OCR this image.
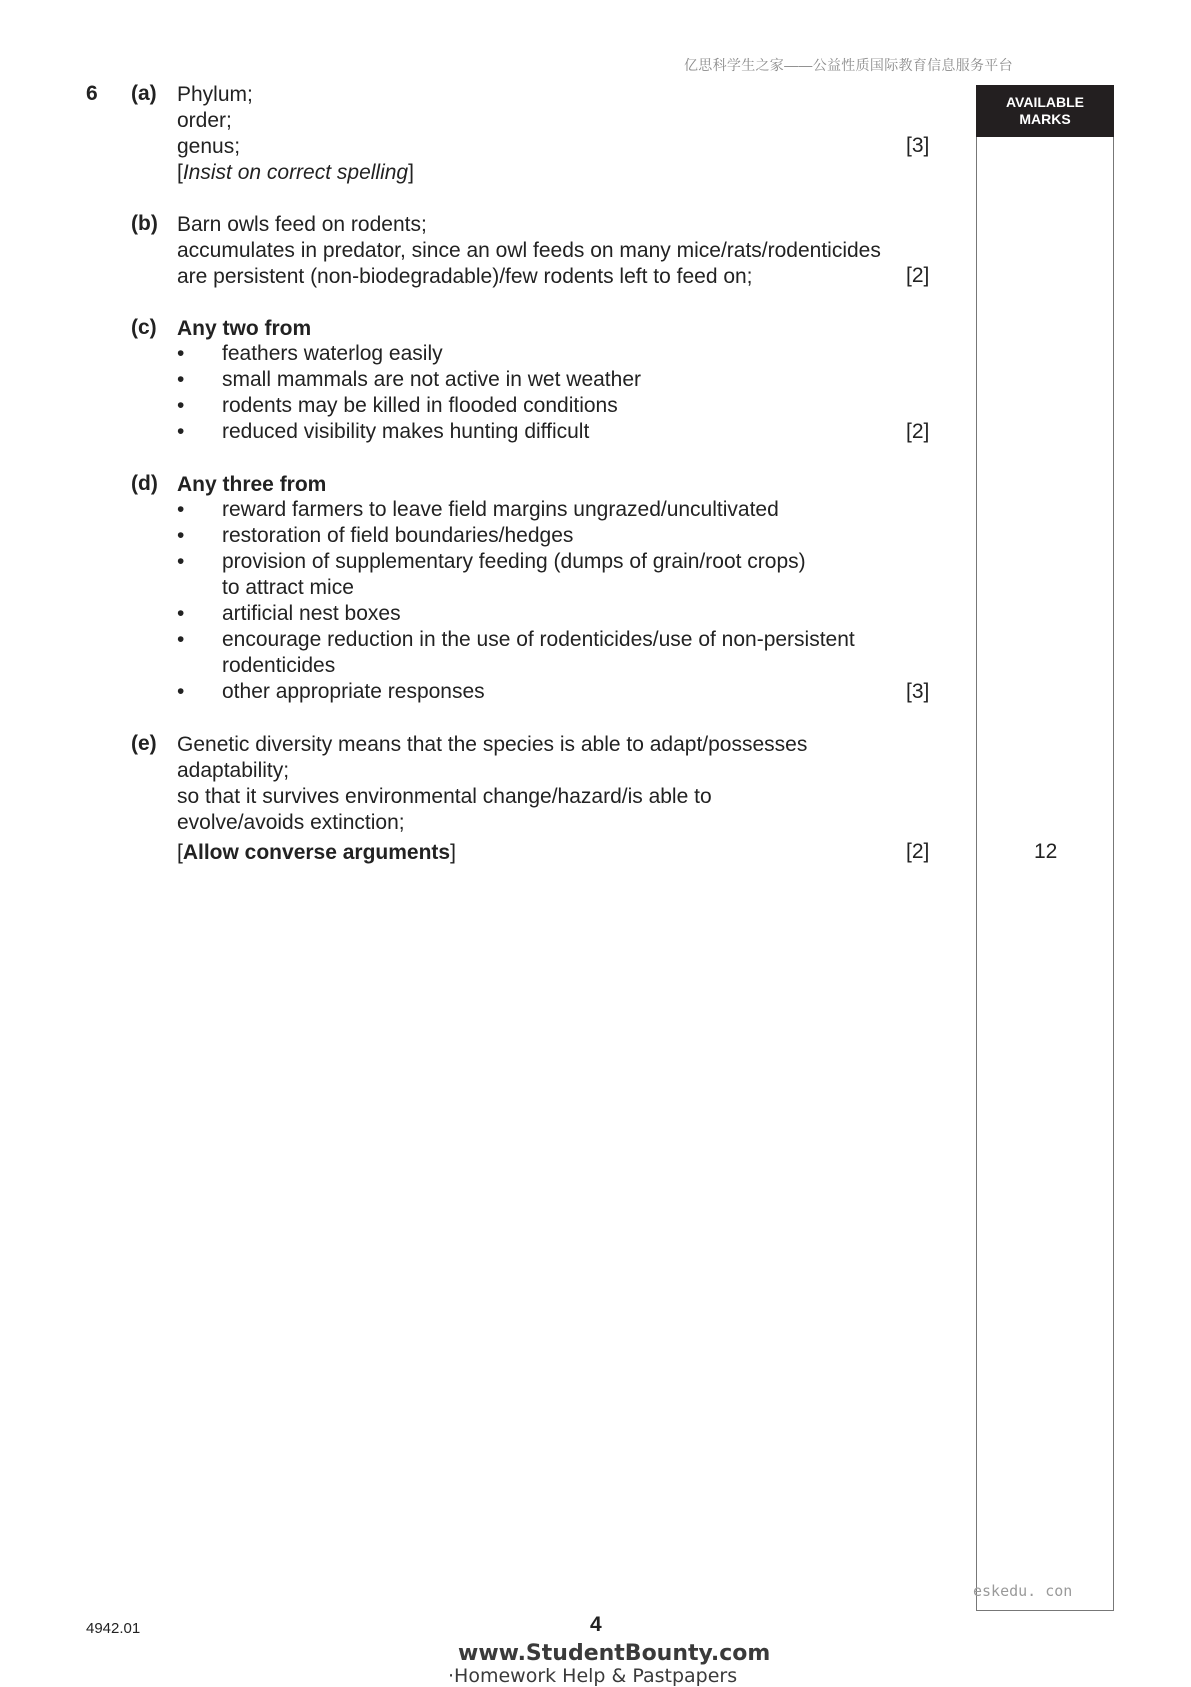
亿思科学生之家——公益性质国际教育信息服务平台
AVAILABLE
MARKS
12
6 (a) Phylum;
order;
genus;	[3]
[Insist on correct spelling]
(b) Barn owls feed on rodents;
accumulates in predator, since an owl feeds on many mice/rats/rodenticides
are persistent (non-biodegradable)/few rodents left to feed on;	[2]
(c) Any two from
• feathers waterlog easily
• small mammals are not active in wet weather
• rodents may be killed in flooded conditions
• reduced visibility makes hunting difficult	[2]
(d) Any three from
• reward farmers to leave field margins ungrazed/uncultivated
• restoration of field boundaries/hedges
• provision of supplementary feeding (dumps of grain/root crops)
to attract mice
• artificial nest boxes
• encourage reduction in the use of rodenticides/use of non-persistent
rodenticides
• other appropriate responses	[3]
(e) Genetic diversity means that the species is able to adapt/possesses
adaptability;
so that it survives environmental change/hazard/is able to
evolve/avoids extinction;
[Allow converse arguments]	[2]
eskedu. con
4942.01	4
www.StudentBounty.com
·Homework Help & Pastpapers
